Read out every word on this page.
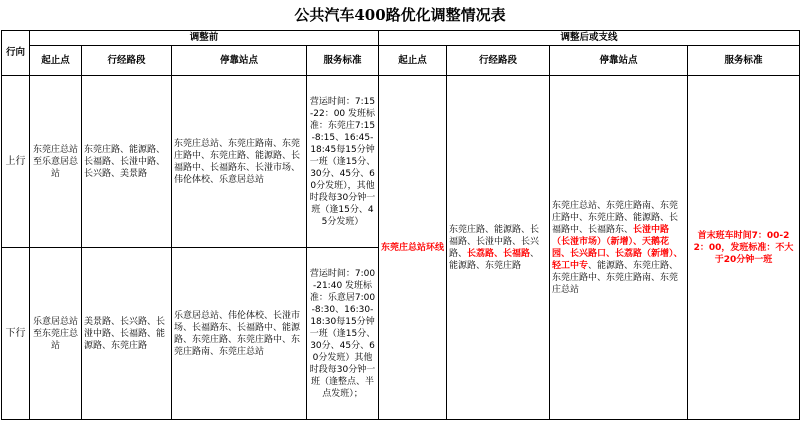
公共汽车400路优化调整情况表
行向	调整前				调整后或支线			
	起止点	行经路段	停靠站点	服务标准	起止点	行经路段	停靠站点	服务标准
上行	东莞庄总站至乐意居总站	东莞庄路、能源路、长福路、长湴中路、长兴路、美景路	东莞庄总站、东莞庄路南、东莞庄路中、东莞庄路、能源路、长福路中、长福路东、长湴市场、伟伦体校、乐意居总站	营运时间：7:15-22：00 发班标准：东莞庄7:15-8:15、16:45-18:45每15分钟一班（逢15分、30分、45分、60分发班），其他时段每30分钟一班（逢15分、45分发班）	东莞庄总站环线	东莞庄路、能源路、长福路、长湴中路、长兴路、长荔路、长福路、能源路、东莞庄路	东莞庄总站、东莞庄路南、东莞庄路中、东莞庄路、能源路、长福路中、长福路东、长湴中路（长湴市场）（新增）、天鹅花园、长兴路口、长荔路（新增）、轻工中专、能源路、东莞庄路、东莞庄路中、东莞庄路南、东莞庄总站	首末班车时间7：00-22：00，发班标准：不大于20分钟一班
下行	乐意居总站至东莞庄总站	美景路、长兴路、长湴中路、长福路、能源路、东莞庄路	乐意居总站、伟伦体校、长湴市场、长福路东、长福路中、能源路、东莞庄路、东莞庄路中、东莞庄路南、东莞庄总站	营运时间：7:00-21:40 发班标准：乐意居7:00-8:30、16:30-18:30每15分钟一班（逢15分、30分、45分、60分发班）其他时段每30分钟一班（逢整点、半点发班）；				
